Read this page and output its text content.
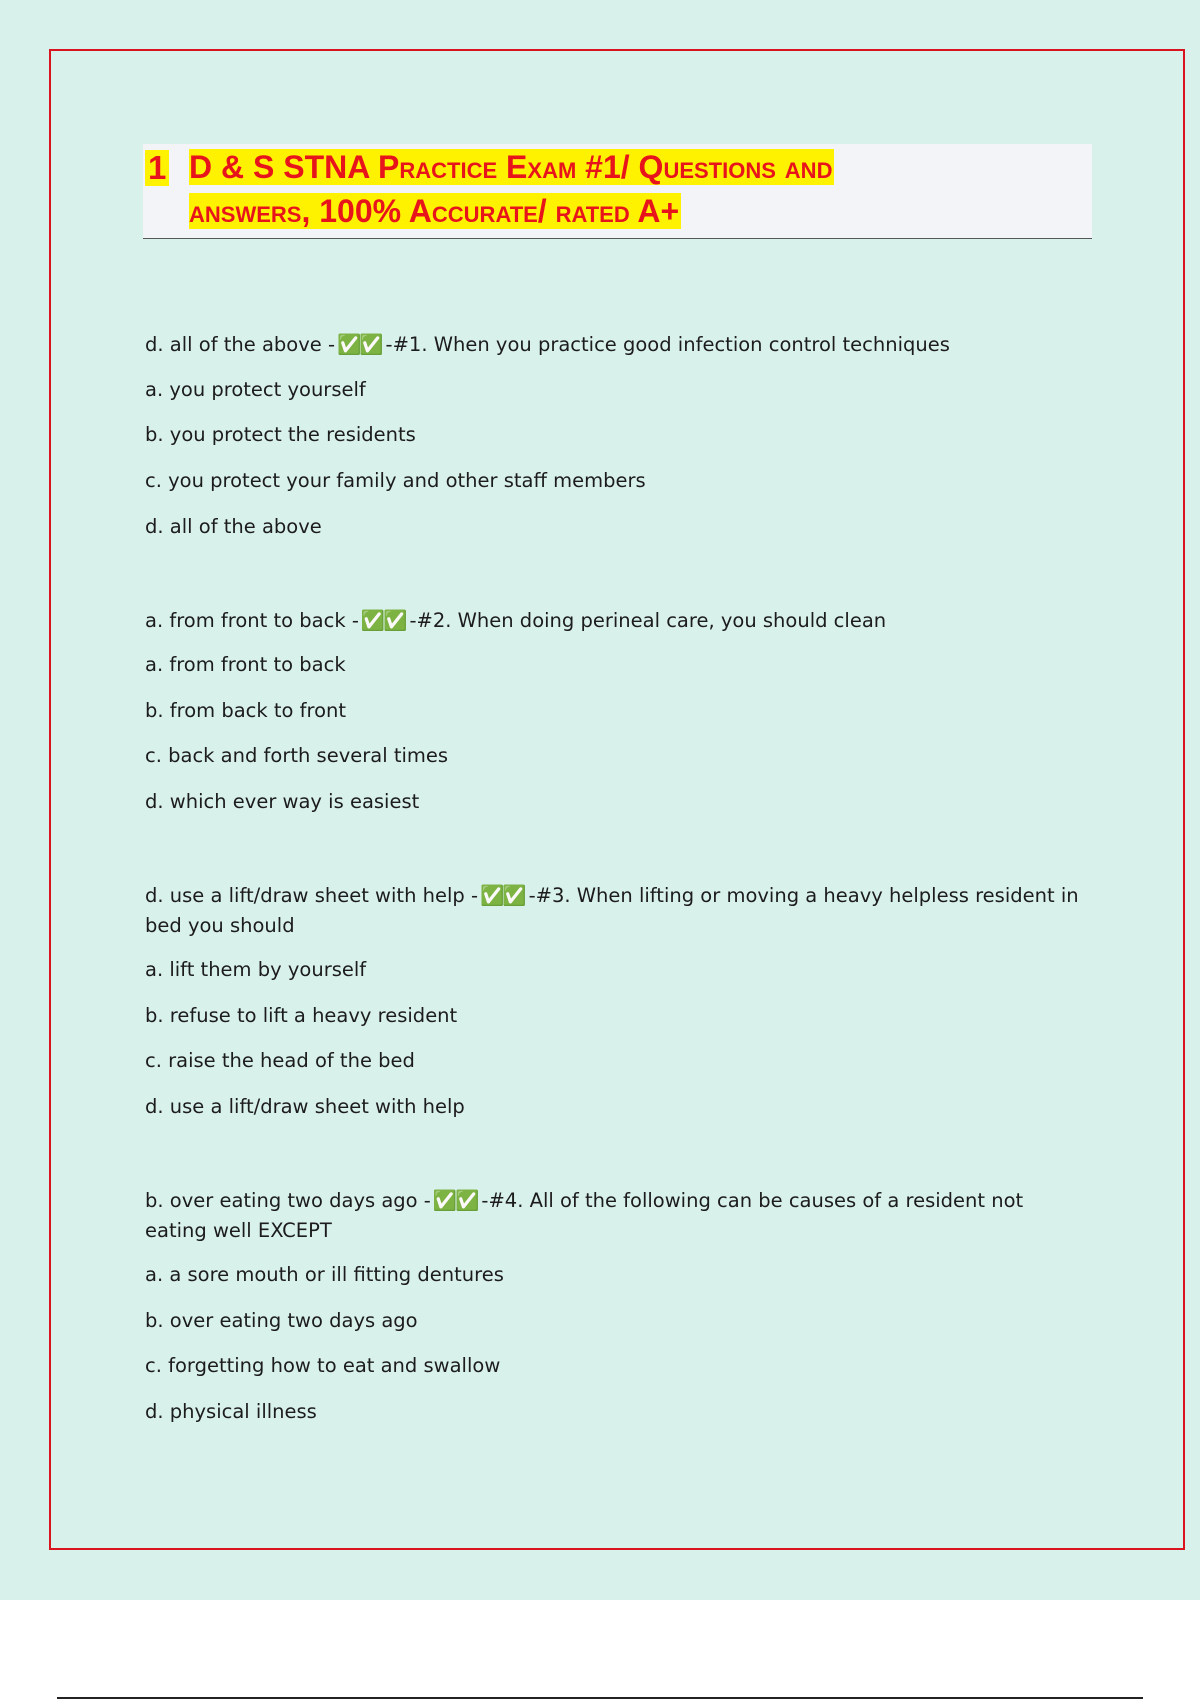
1 D & S STNA Practice Exam #1/ Questions and
answers, 100% Accurate/ rated A+
d. all of the above - ✅✅ -#1. When you practice good infection control techniques
a. you protect yourself
b. you protect the residents
c. you protect your family and other staff members
d. all of the above
a. from front to back - ✅✅ -#2. When doing perineal care, you should clean
a. from front to back
b. from back to front
c. back and forth several times
d. which ever way is easiest
d. use a lift/draw sheet with help - ✅✅ -#3. When lifting or moving a heavy helpless resident in bed you should
a. lift them by yourself
b. refuse to lift a heavy resident
c. raise the head of the bed
d. use a lift/draw sheet with help
b. over eating two days ago - ✅✅ -#4. All of the following can be causes of a resident not eating well EXCEPT
a. a sore mouth or ill fitting dentures
b. over eating two days ago
c. forgetting how to eat and swallow
d. physical illness
